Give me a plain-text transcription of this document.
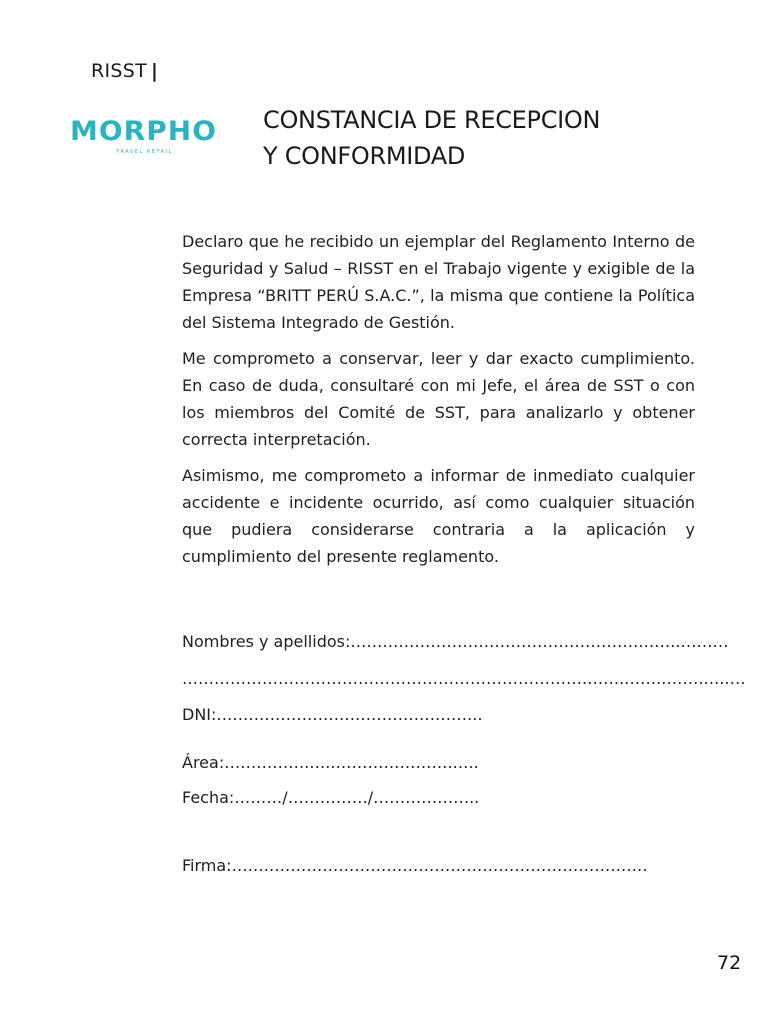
RISST |
MORPHO
TRAVEL RETAIL
CONSTANCIA DE RECEPCION
Y CONFORMIDAD

Declaro que he recibido un ejemplar del Reglamento Interno de Seguridad y Salud – RISST en el Trabajo vigente y exigible de la Empresa “BRITT PERÚ S.A.C.”, la misma que contiene la Política del Sistema Integrado de Gestión.

Me comprometo a conservar, leer y dar exacto cumplimiento. En caso de duda, consultaré con mi Jefe, el área de SST o con los miembros del Comité de SST, para analizarlo y obtener correcta interpretación.

Asimismo, me comprometo a informar de inmediato cualquier accidente e incidente ocurrido, así como cualquier situación que pudiera considerarse contraria a la aplicación y cumplimiento del presente reglamento.

Nombres y apellidos:……………………………………………….…….………
………………………………………………………………….…….……..…….…..…
DNI:…………………………………………..
Área:…………….…..………………….…..
Fecha:………/……………/………………..
Firma:……………………………………………………………………
72
